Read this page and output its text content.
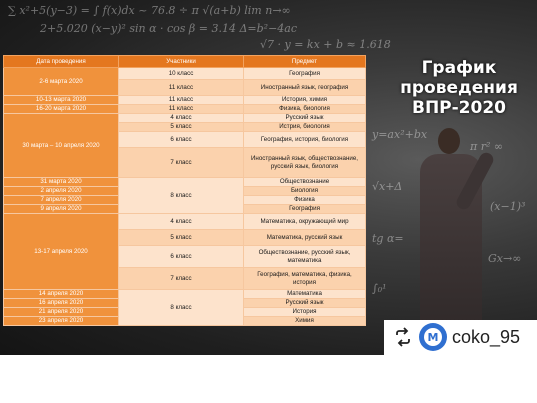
∑ x²+5(y−3) = ∫ f(x)dx ~ 76.8 ÷ π √(a+b) lim n→∞
2+5.020 (x−y)² sin α · cos β = 3.14 Δ=b²−4ac
√7 · y = kx + b ≈ 1.618
y=ax²+bx
π r² ∞
√x+Δ
(x−1)³
tg α=
Gx→∞
∫₀¹
График
проведения
ВПР-2020
Дата проведения	Участники	Предмет
2-6 марта 2020	10 класс	География
	11 класс	Иностранный язык, география
10-13 марта 2020	11 класс	История, химия
16-20 марта 2020	11 класс	Физика, биология
30 марта – 10 апреля 2020	4 класс	Русский язык
	5 класс	Истрия, биология
	6 класс	География, история, биология
	7 класс	Иностранный язык, обществознание, русский язык, биология
31 марта 2020	8 класс	Обществознание
2 апреля 2020		Биология
7 апреля 2020		Физика
9 апреля 2020		География
13-17 апреля 2020	4 класс	Математика, окружающий мир
	5 класс	Математика, русский язык
	6 класс	Обществознание, русский язык, математика
	7 класс	География, математика, физика, история
14 апреля 2020	8 класс	Математика
16 апреля 2020		Русский язык
21 апреля 2020		История
23 апреля 2020		Химия
M coko_95
